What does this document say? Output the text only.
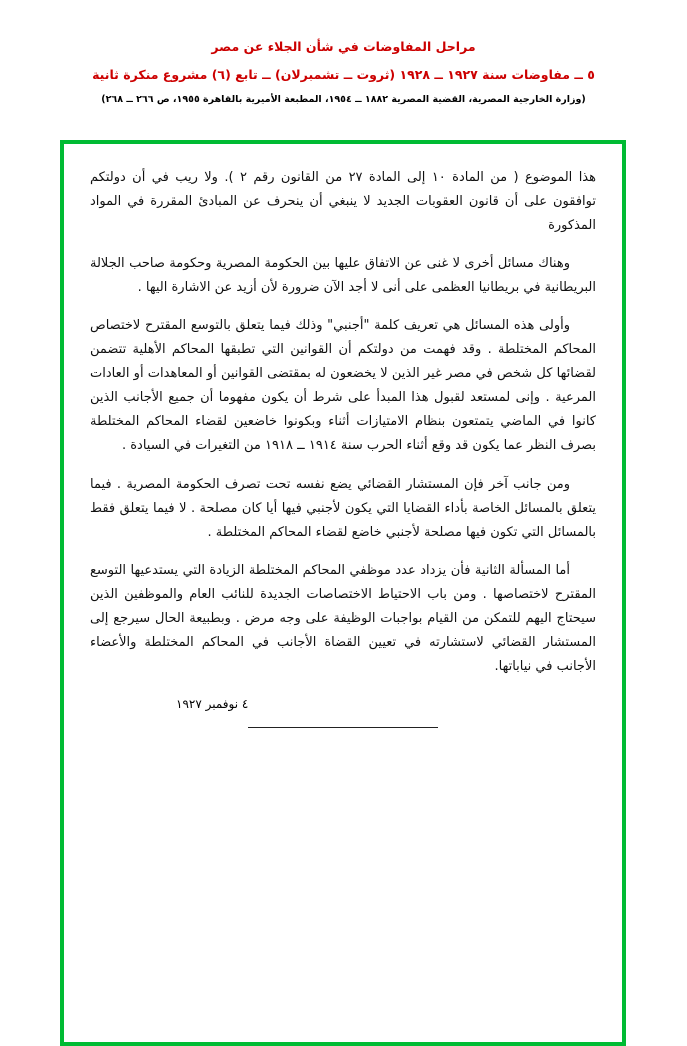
مراحل المفاوضات في شأن الجلاء عن مصر
٥ ــ مفاوضات سنة ١٩٢٧ ــ ١٩٢٨ (ثروت ــ تشمبرلان) ــ تابع (٦) مشروع منكرة ثانية
(وزارة الخارجية المصرية، القضية المصرية ١٨٨٢ ــ ١٩٥٤، المطبعة الأميرية بالقاهرة ١٩٥٥، ص ٢٦٦ ــ ٢٦٨)

هذا الموضوع ( من المادة ١٠ إلى المادة ٢٧ من القانون رقم ٢ ). ولا ريب في أن دولتكم توافقون على أن قانون العقوبات الجديد لا ينبغي أن ينحرف عن المبادئ المقررة في المواد المذكورة

وهناك مسائل أخرى لا غنى عن الاتفاق عليها بين الحكومة المصرية وحكومة صاحب الجلالة البريطانية في بريطانيا العظمى على أنى لا أجد الآن ضرورة لأن أزيد عن الاشارة اليها .

وأولى هذه المسائل هي تعريف كلمة "أجنبي" وذلك فيما يتعلق بالتوسع المقترح لاختصاص المحاكم المختلطة . وقد فهمت من دولتكم أن القوانين التي تطبقها المحاكم الأهلية تتضمن لقضائها كل شخص في مصر غير الذين لا يخضعون له بمقتضى القوانين أو المعاهدات أو العادات المرعية . وإنى لمستعد لقبول هذا المبدأ على شرط أن يكون مفهوما أن جميع الأجانب الذين كانوا في الماضي يتمتعون بنظام الامتيازات أثناء وبكونوا خاضعين لقضاء المحاكم المختلطة بصرف النظر عما يكون قد وقع أثناء الحرب سنة ١٩١٤ ــ ١٩١٨ من التغيرات في السيادة .

ومن جانب آخر فإن المستشار القضائي يضع نفسه تحت تصرف الحكومة المصرية . فيما يتعلق بالمسائل الخاصة بأداء القضايا التي يكون لأجنبي فيها أيا كان مصلحة . لا فيما يتعلق فقط بالمسائل التي تكون فيها مصلحة لأجنبي خاضع لقضاء المحاكم المختلطة .

أما المسألة الثانية فأن يزداد عدد موظفي المحاكم المختلطة الزيادة التي يستدعيها التوسع المقترح لاختصاصها . ومن باب الاحتياط الاختصاصات الجديدة للنائب العام والموظفين الذين سيحتاج اليهم للتمكن من القيام بواجبات الوظيفة على وجه مرض . وبطبيعة الحال سيرجع إلى المستشار القضائي لاستشارته في تعيين القضاة الأجانب في المحاكم المختلطة والأعضاء الأجانب في نياباتها.

٤ نوفمبر ١٩٢٧
